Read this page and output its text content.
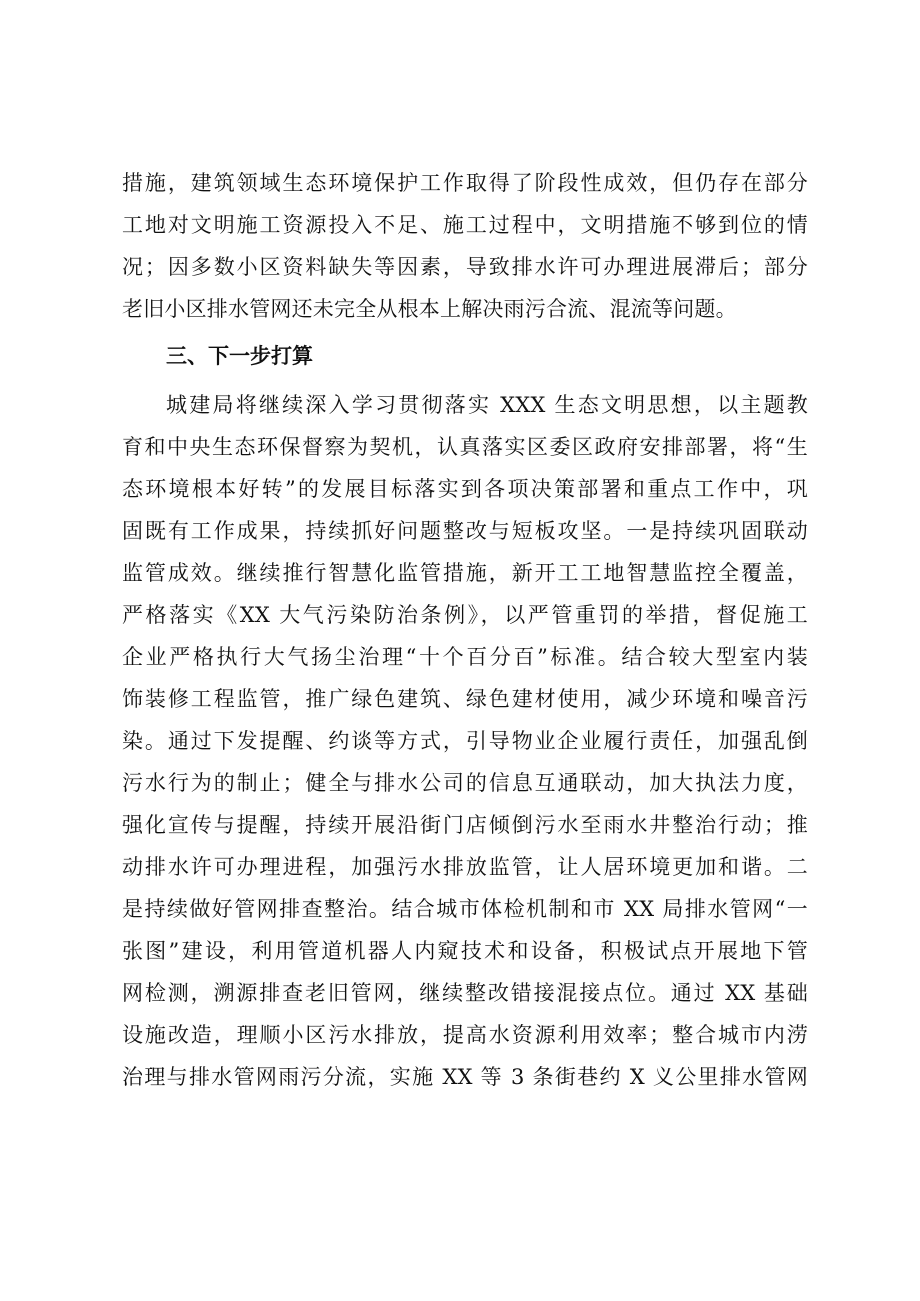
措施，建筑领域生态环境保护工作取得了阶段性成效，但仍存在部分
工地对文明施工资源投入不足、施工过程中，文明措施不够到位的情
况；因多数小区资料缺失等因素，导致排水许可办理进展滞后；部分
老旧小区排水管网还未完全从根本上解决雨污合流、混流等问题。
三、下一步打算
城建局将继续深入学习贯彻落实 XXX 生态文明思想，以主题教
育和中央生态环保督察为契机，认真落实区委区政府安排部署，将“生
态环境根本好转”的发展目标落实到各项决策部署和重点工作中，巩
固既有工作成果，持续抓好问题整改与短板攻坚。一是持续巩固联动
监管成效。继续推行智慧化监管措施，新开工工地智慧监控全覆盖，
严格落实《XX 大气污染防治条例》，以严管重罚的举措，督促施工
企业严格执行大气扬尘治理“十个百分百”标准。结合较大型室内装
饰装修工程监管，推广绿色建筑、绿色建材使用，减少环境和噪音污
染。通过下发提醒、约谈等方式，引导物业企业履行责任，加强乱倒
污水行为的制止；健全与排水公司的信息互通联动，加大执法力度，
强化宣传与提醒，持续开展沿街门店倾倒污水至雨水井整治行动；推
动排水许可办理进程，加强污水排放监管，让人居环境更加和谐。二
是持续做好管网排查整治。结合城市体检机制和市 XX 局排水管网“一
张图”建设，利用管道机器人内窥技术和设备，积极试点开展地下管
网检测，溯源排查老旧管网，继续整改错接混接点位。通过 XX 基础
设施改造，理顺小区污水排放，提高水资源利用效率；整合城市内涝
治理与排水管网雨污分流，实施 XX 等 3 条街巷约 X 义公里排水管网
